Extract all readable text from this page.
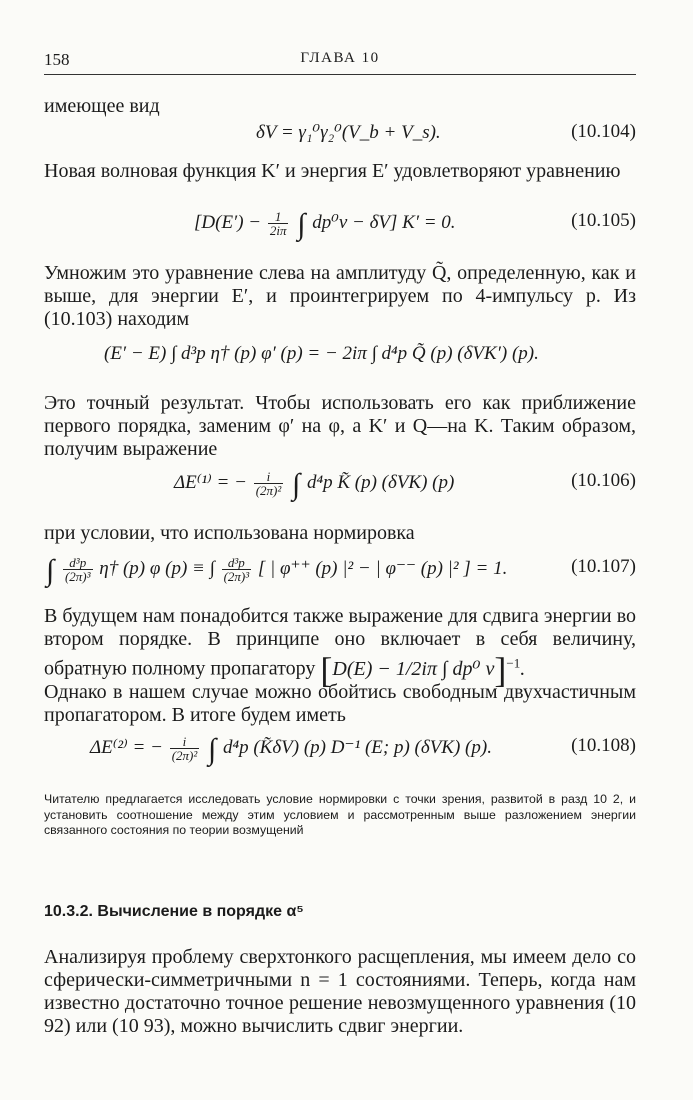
158	ГЛАВА 10
имеющее вид
δV = γ₁⁰γ₂⁰(V_b + V_s).	(10.104)
Новая волновая функция K′ и энергия E′ удовлетворяют уравнению
[$D(E') - \frac{1}{2i\pi}$ ∫ dp⁰v − δV] K′ = 0.	(10.105)
Умножим это уравнение слева на амплитуду Q̃, определенную, как и выше, для энергии E′, и проинтегрируем по 4-импульсу p. Из (10.103) находим
(E′ − E) ∫ d³p η† (p) φ′ (p) = − 2iπ ∫ d⁴p Q̃ (p) (δVK′) (p).
Это точный результат. Чтобы использовать его как приближение первого порядка, заменим φ′ на φ, а K′ и Q—на K. Таким образом, получим выражение
ΔE⁽¹⁾ = − $\frac{i}{\text{(2π)²}}$ ∫ d⁴p K̃ (p) (δVK) (p)	(10.106)
при условии, что использована нормировка
∫ $\frac{\text{d³p}}{\text{(2π)³}}$ η† (p) φ (p) ≡ ∫ $\frac{\text{d³p}}{\text{(2π)³}}$ [ | φ⁺⁺ (p) |² − | φ⁻⁻ (p) |² ] = 1.	(10.107)
В будущем нам понадобится также выражение для сдвига энергии во втором порядке. В принципе оно включает в себя величину, обратную полному пропагатору [D(E) − 1/2iπ ∫ dp⁰ v]$^{-1}$.
Однако в нашем случае можно обойтись свободным двухчастичным пропагатором. В итоге будем иметь
ΔE⁽²⁾ = − $\frac{i}{\text{(2π)²}}$ ∫ d⁴p (K̃δV) (p) D⁻¹ (E; p) (δVK) (p).	(10.108)
Читателю предлагается исследовать условие нормировки с точки зрения, развитой в разд 10 2, и установить соотношение между этим условием и рассмотренным выше разложением энергии связанного состояния по теории возмущений
10.3.2. Вычисление в порядке α⁵
Анализируя проблему сверхтонкого расщепления, мы имеем дело со сферически-симметричными n = 1 состояниями. Теперь, когда нам известно достаточно точное решение невозмущенного уравнения (10 92) или (10 93), можно вычислить сдвиг энергии.
